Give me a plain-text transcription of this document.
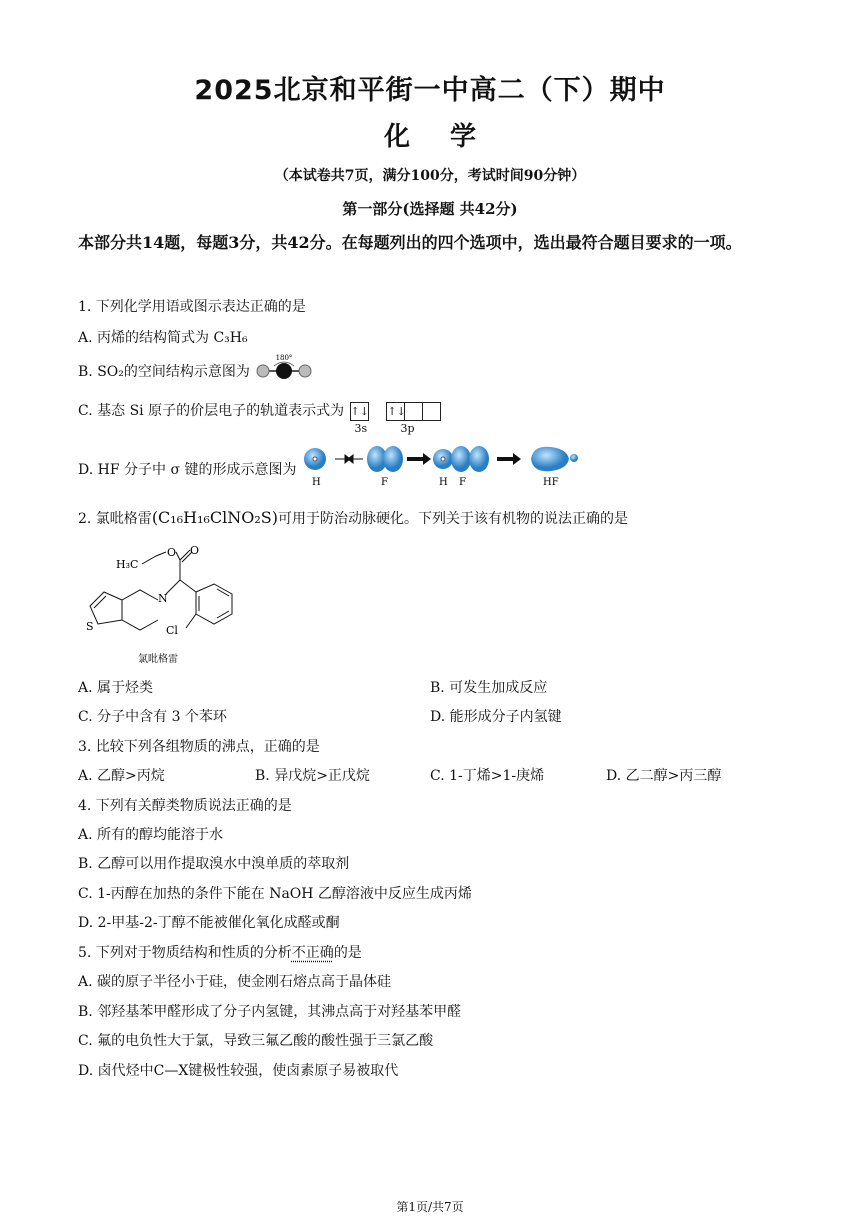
2025北京和平街一中高二（下）期中
化学
（本试卷共7页，满分100分，考试时间90分钟）
第一部分(选择题 共42分)
本部分共14题，每题3分，共42分。在每题列出的四个选项中，选出最符合题目要求的一项。
1. 下列化学用语或图示表达正确的是
A. 丙烯的结构简式为 C₃H₆
B. SO₂的空间结构示意图为
180°
C. 基态 Si 原子的价层电子的轨道表示式为 ↑↓ ↑↓
3s	3p
D. HF 分子中 σ 键的形成示意图为
H	F	H F	HF
2. 氯吡格雷(C₁₆H₁₆ClNO₂S)可用于防治动脉硬化。下列关于该有机物的说法正确的是
H₃C
O O
N
S	Cl
氯吡格雷
A. 属于烃类	B. 可发生加成反应
C. 分子中含有 3 个苯环	D. 能形成分子内氢键
3. 比较下列各组物质的沸点，正确的是
A. 乙醇>丙烷	B. 异戊烷>正戊烷	C. 1-丁烯>1-庚烯	D. 乙二醇>丙三醇
4. 下列有关醇类物质说法正确的是
A. 所有的醇均能溶于水
B. 乙醇可以用作提取溴水中溴单质的萃取剂
C. 1-丙醇在加热的条件下能在 NaOH 乙醇溶液中反应生成丙烯
D. 2-甲基-2-丁醇不能被催化氧化成醛或酮
5. 下列对于物质结构和性质的分析不正确的是
A. 碳的原子半径小于硅，使金刚石熔点高于晶体硅
B. 邻羟基苯甲醛形成了分子内氢键，其沸点高于对羟基苯甲醛
C. 氟的电负性大于氯，导致三氟乙酸的酸性强于三氯乙酸
D. 卤代烃中C—X键极性较强，使卤素原子易被取代
第1页/共7页
